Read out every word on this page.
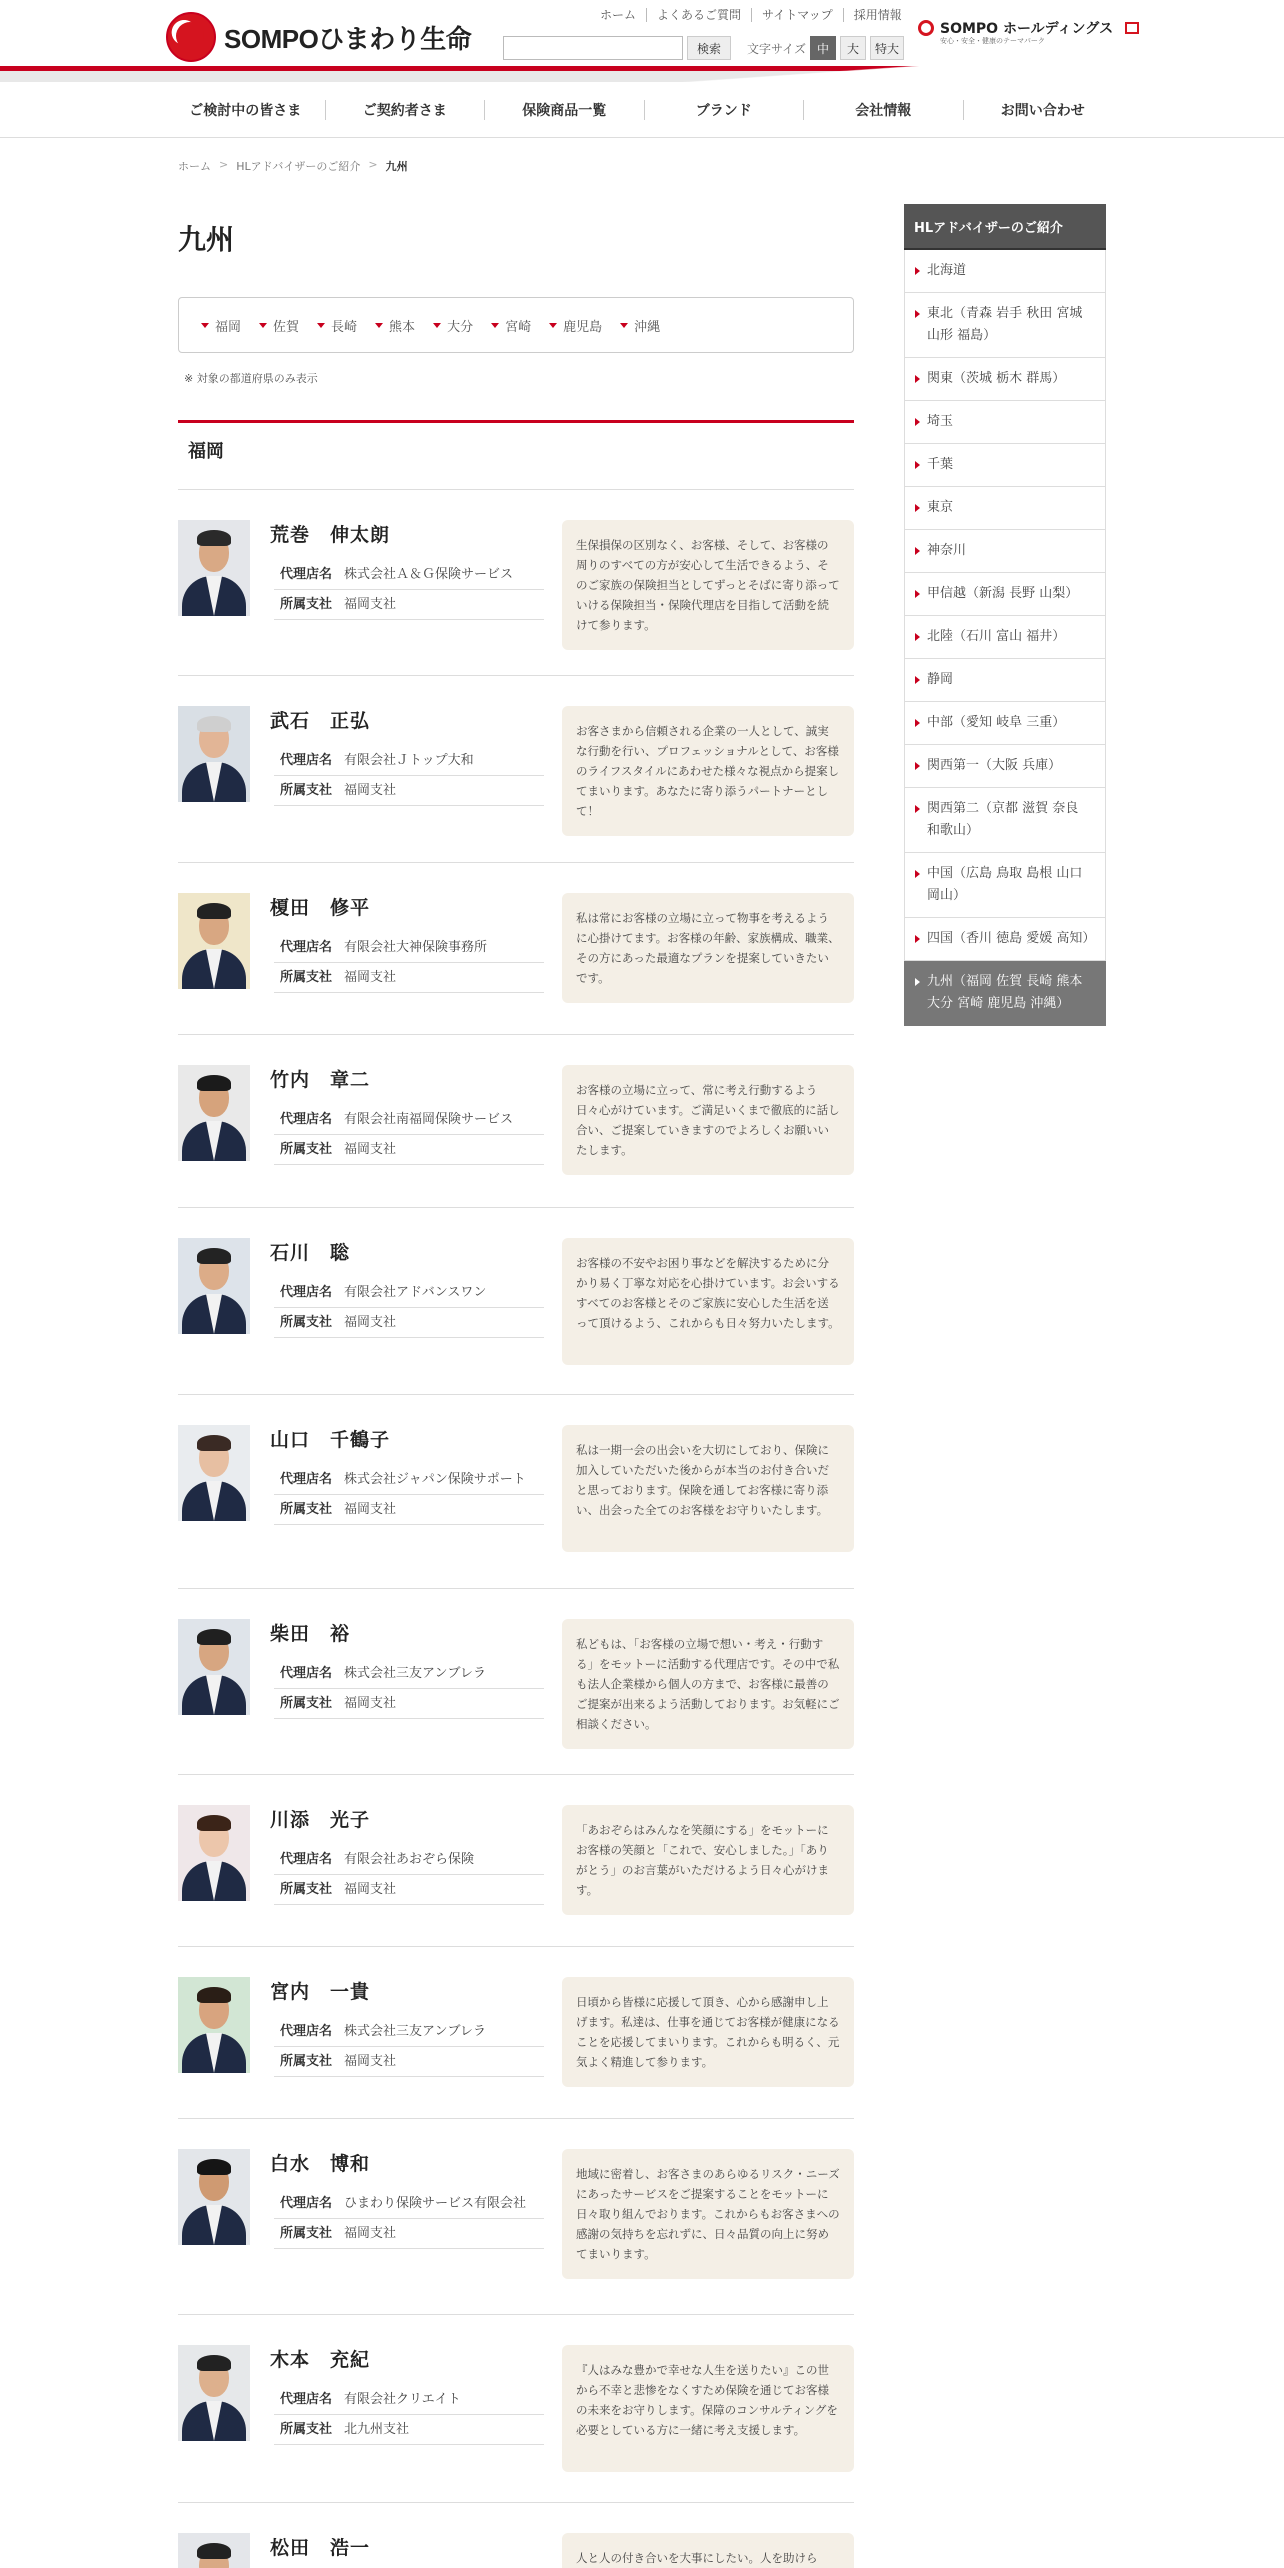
SOMPOひまわり生命
ホーム	よくあるご質問	サイトマップ	採用情報
検索	文字サイズ 中	大	特大
SOMPO ホールディングス
安心・安全・健康のテーマパーク
ご検討中の皆さま	ご契約者さま	保険商品一覧	ブランド	会社情報	お問い合わせ
ホーム > HLアドバイザーのご紹介 > 九州
九州
福岡 佐賀 長崎 熊本 大分 宮崎 鹿児島 沖縄

※ 対象の都道府県のみ表示

福岡
荒巻　伸太朗
代理店名 株式会社Ａ＆Ｇ保険サービス
所属支社 福岡支社
生保損保の区別なく、お客様、そして、お客様の周りのすべての方が安心して生活できるよう、そのご家族の保険担当としてずっとそばに寄り添っていける保険担当・保険代理店を目指して活動を続けて参ります。
武石　正弘
代理店名 有限会社Ｊトップ大和
所属支社 福岡支社
お客さまから信頼される企業の一人として、誠実な行動を行い、プロフェッショナルとして、お客様のライフスタイルにあわせた様々な視点から提案してまいります。あなたに寄り添うパートナーとして！
榎田　修平
代理店名 有限会社大神保険事務所
所属支社 福岡支社
私は常にお客様の立場に立って物事を考えるように心掛けてます。お客様の年齢、家族構成、職業、その方にあった最適なプランを提案していきたいです。
竹内　章二
代理店名 有限会社南福岡保険サービス
所属支社 福岡支社
お客様の立場に立って、常に考え行動するよう日々心がけています。ご満足いくまで徹底的に話し合い、ご提案していきますのでよろしくお願いいたします。
石川　聡
代理店名 有限会社アドバンスワン
所属支社 福岡支社
お客様の不安やお困り事などを解決するために分かり易く丁寧な対応を心掛けています。お会いするすべてのお客様とそのご家族に安心した生活を送って頂けるよう、これからも日々努力いたします。
山口　千鶴子
代理店名 株式会社ジャパン保険サポート
所属支社 福岡支社
私は一期一会の出会いを大切にしており、保険に加入していただいた後からが本当のお付き合いだと思っております。保険を通してお客様に寄り添い、出会った全てのお客様をお守りいたします。
柴田　裕
代理店名 株式会社三友アンブレラ
所属支社 福岡支社
私どもは、「お客様の立場で想い・考え・行動する」をモットーに活動する代理店です。その中で私も法人企業様から個人の方まで、お客様に最善のご提案が出来るよう活動しております。お気軽にご相談ください。
川添　光子
代理店名 有限会社あおぞら保険
所属支社 福岡支社
「あおぞらはみんなを笑顔にする」をモットーにお客様の笑顔と「これで、安心しました。」「ありがとう」のお言葉がいただけるよう日々心がけます。
宮内　一貴
代理店名 株式会社三友アンブレラ
所属支社 福岡支社
日頃から皆様に応援して頂き、心から感謝申し上げます。私達は、仕事を通じてお客様が健康になることを応援してまいります。これからも明るく、元気よく精進して参ります。
白水　博和
代理店名 ひまわり保険サービス有限会社
所属支社 福岡支社
地域に密着し、お客さまのあらゆるリスク・ニーズにあったサービスをご提案することをモットーに日々取り組んでおります。これからもお客さまへの感謝の気持ちを忘れずに、日々品質の向上に努めてまいります。
木本　充紀
代理店名 有限会社クリエイト
所属支社 北九州支社
『人はみな豊かで幸せな人生を送りたい』この世から不幸と悲惨をなくすため保険を通じてお客様の未来をお守りします。保障のコンサルティングを必要としている方に一緒に考え支援します。
松田　浩一	人と人の付き合いを大事にしたい。人を助けら
HLアドバイザーのご紹介
北海道
東北（青森 岩手 秋田 宮城 山形 福島）
関東（茨城 栃木 群馬）
埼玉
千葉
東京
神奈川
甲信越（新潟 長野 山梨）
北陸（石川 富山 福井）
静岡
中部（愛知 岐阜 三重）
関西第一（大阪 兵庫）
関西第二（京都 滋賀 奈良 和歌山）
中国（広島 鳥取 島根 山口 岡山）
四国（香川 徳島 愛媛 高知）
九州（福岡 佐賀 長崎 熊本 大分 宮崎 鹿児島 沖縄）
